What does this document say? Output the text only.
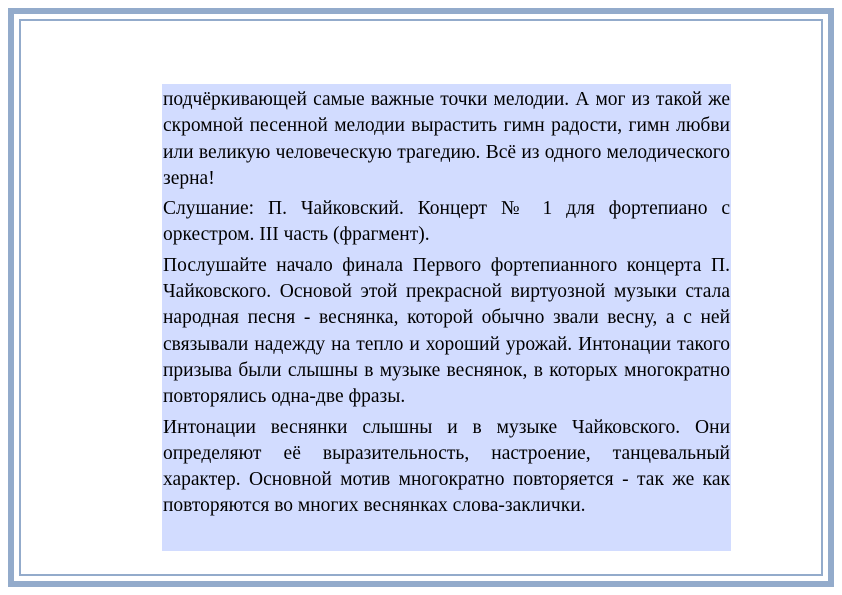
подчёркивающей самые важные точки мелодии. А мог из такой же скромной песенной мелодии вырастить гимн радости, гимн любви или великую человеческую трагедию. Всё из одного мелодического зерна!

Слушание: П. Чайковский. Концерт № 1 для фортепиано с оркестром. III часть (фрагмент).

Послушайте начало финала Первого фортепианного концерта П. Чайковского. Основой этой прекрасной виртуозной музыки стала народная песня - веснянка, которой обычно звали весну, а с ней связывали надежду на тепло и хороший урожай. Интонации такого призыва были слышны в музыке веснянок, в которых многократно повторялись одна-две фразы.

Интонации веснянки слышны и в музыке Чайковского. Они определяют её выразительность, настроение, танцевальный характер. Основной мотив многократно повторяется - так же как повторяются во многих веснянках слова-заклички.
